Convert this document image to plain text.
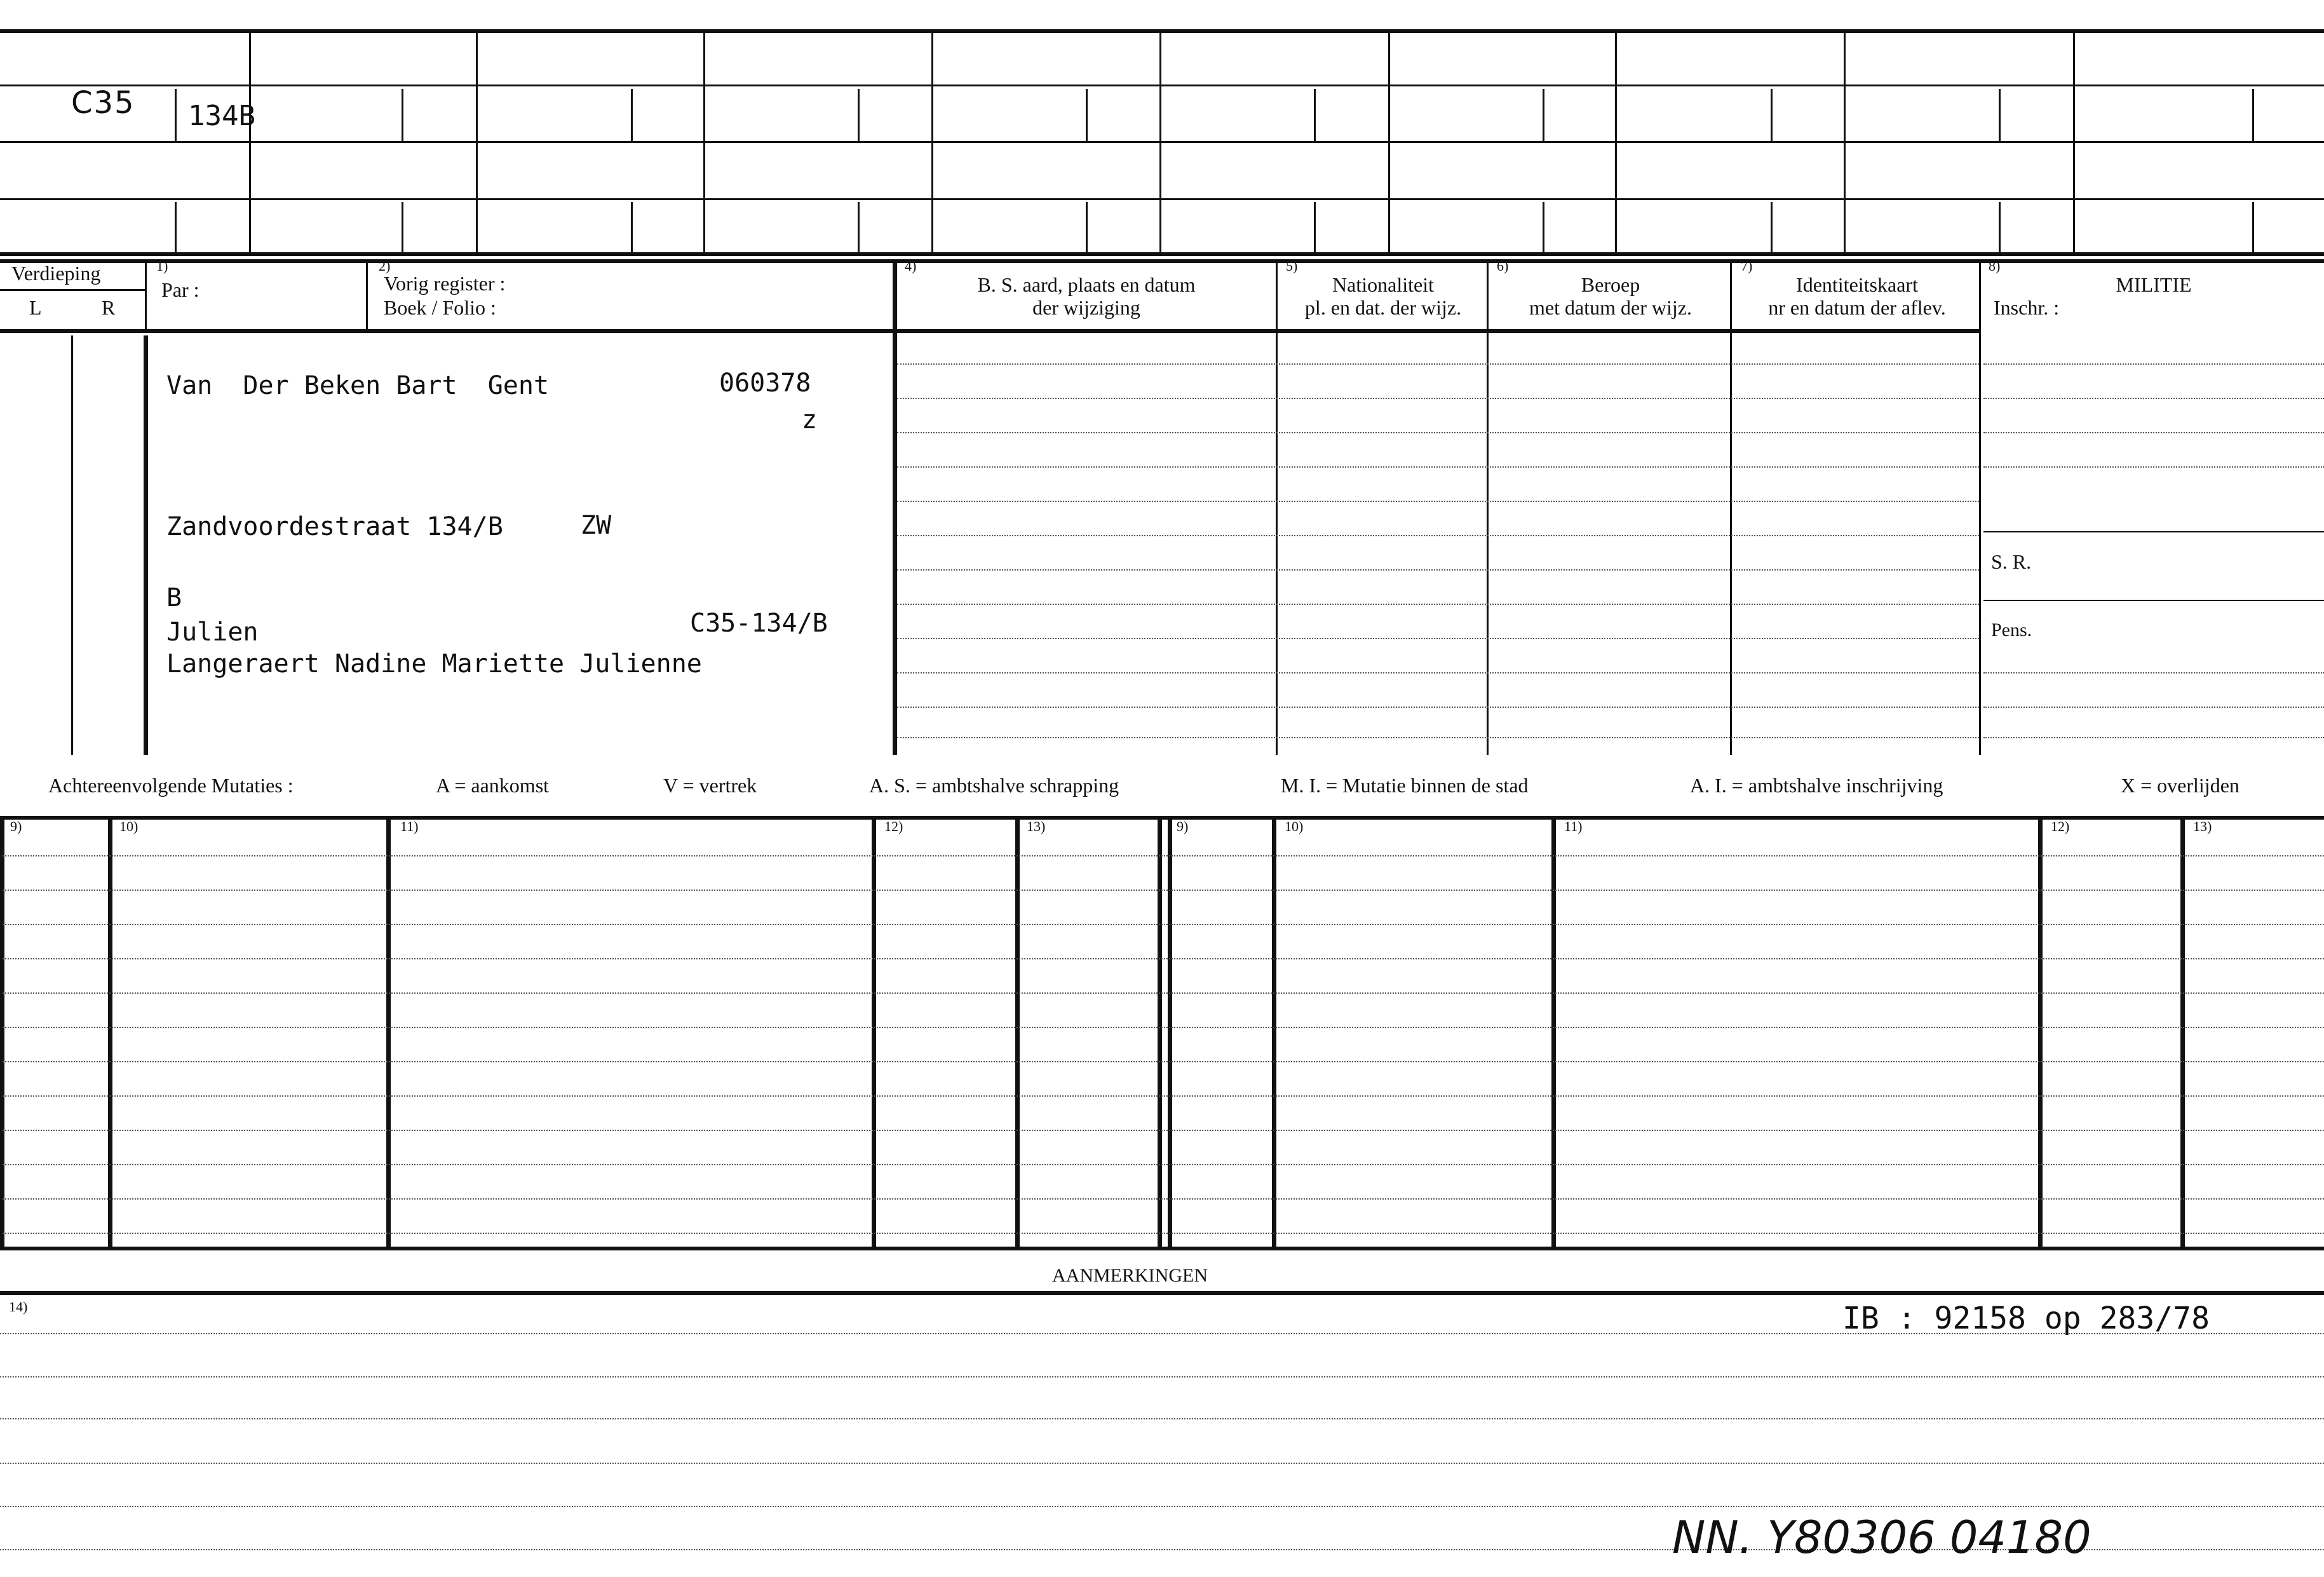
C35 134B
Verdieping
L	R
1)
Par :
2)
Vorig register :
Boek / Folio :
4)
B. S. aard, plaats en datum
der wijziging
5)
Nationaliteit
pl. en dat. der wijz.
6)
Beroep
met datum der wijz.
7)
Identiteitskaart
nr en datum der aflev.
8)
MILITIE
Inschr. :
S. R.
Pens.
Van  Der Beken Bart  Gent	060378
z
Zandvoordestraat 134/B	ZW
B
Julien	C35-134/B
Langeraert Nadine Mariette Julienne
Achtereenvolgende Mutaties :	A = aankomst	V = vertrek	A. S. = ambtshalve schrapping	M. I. = Mutatie binnen de stad	A. I. = ambtshalve inschrijving	X = overlijden
9)	10)	11)	12)	13)	9)	10)	11)	12)	13)
AANMERKINGEN
14)	IB : 92158 op 283/78
NN. Y80306 04180
